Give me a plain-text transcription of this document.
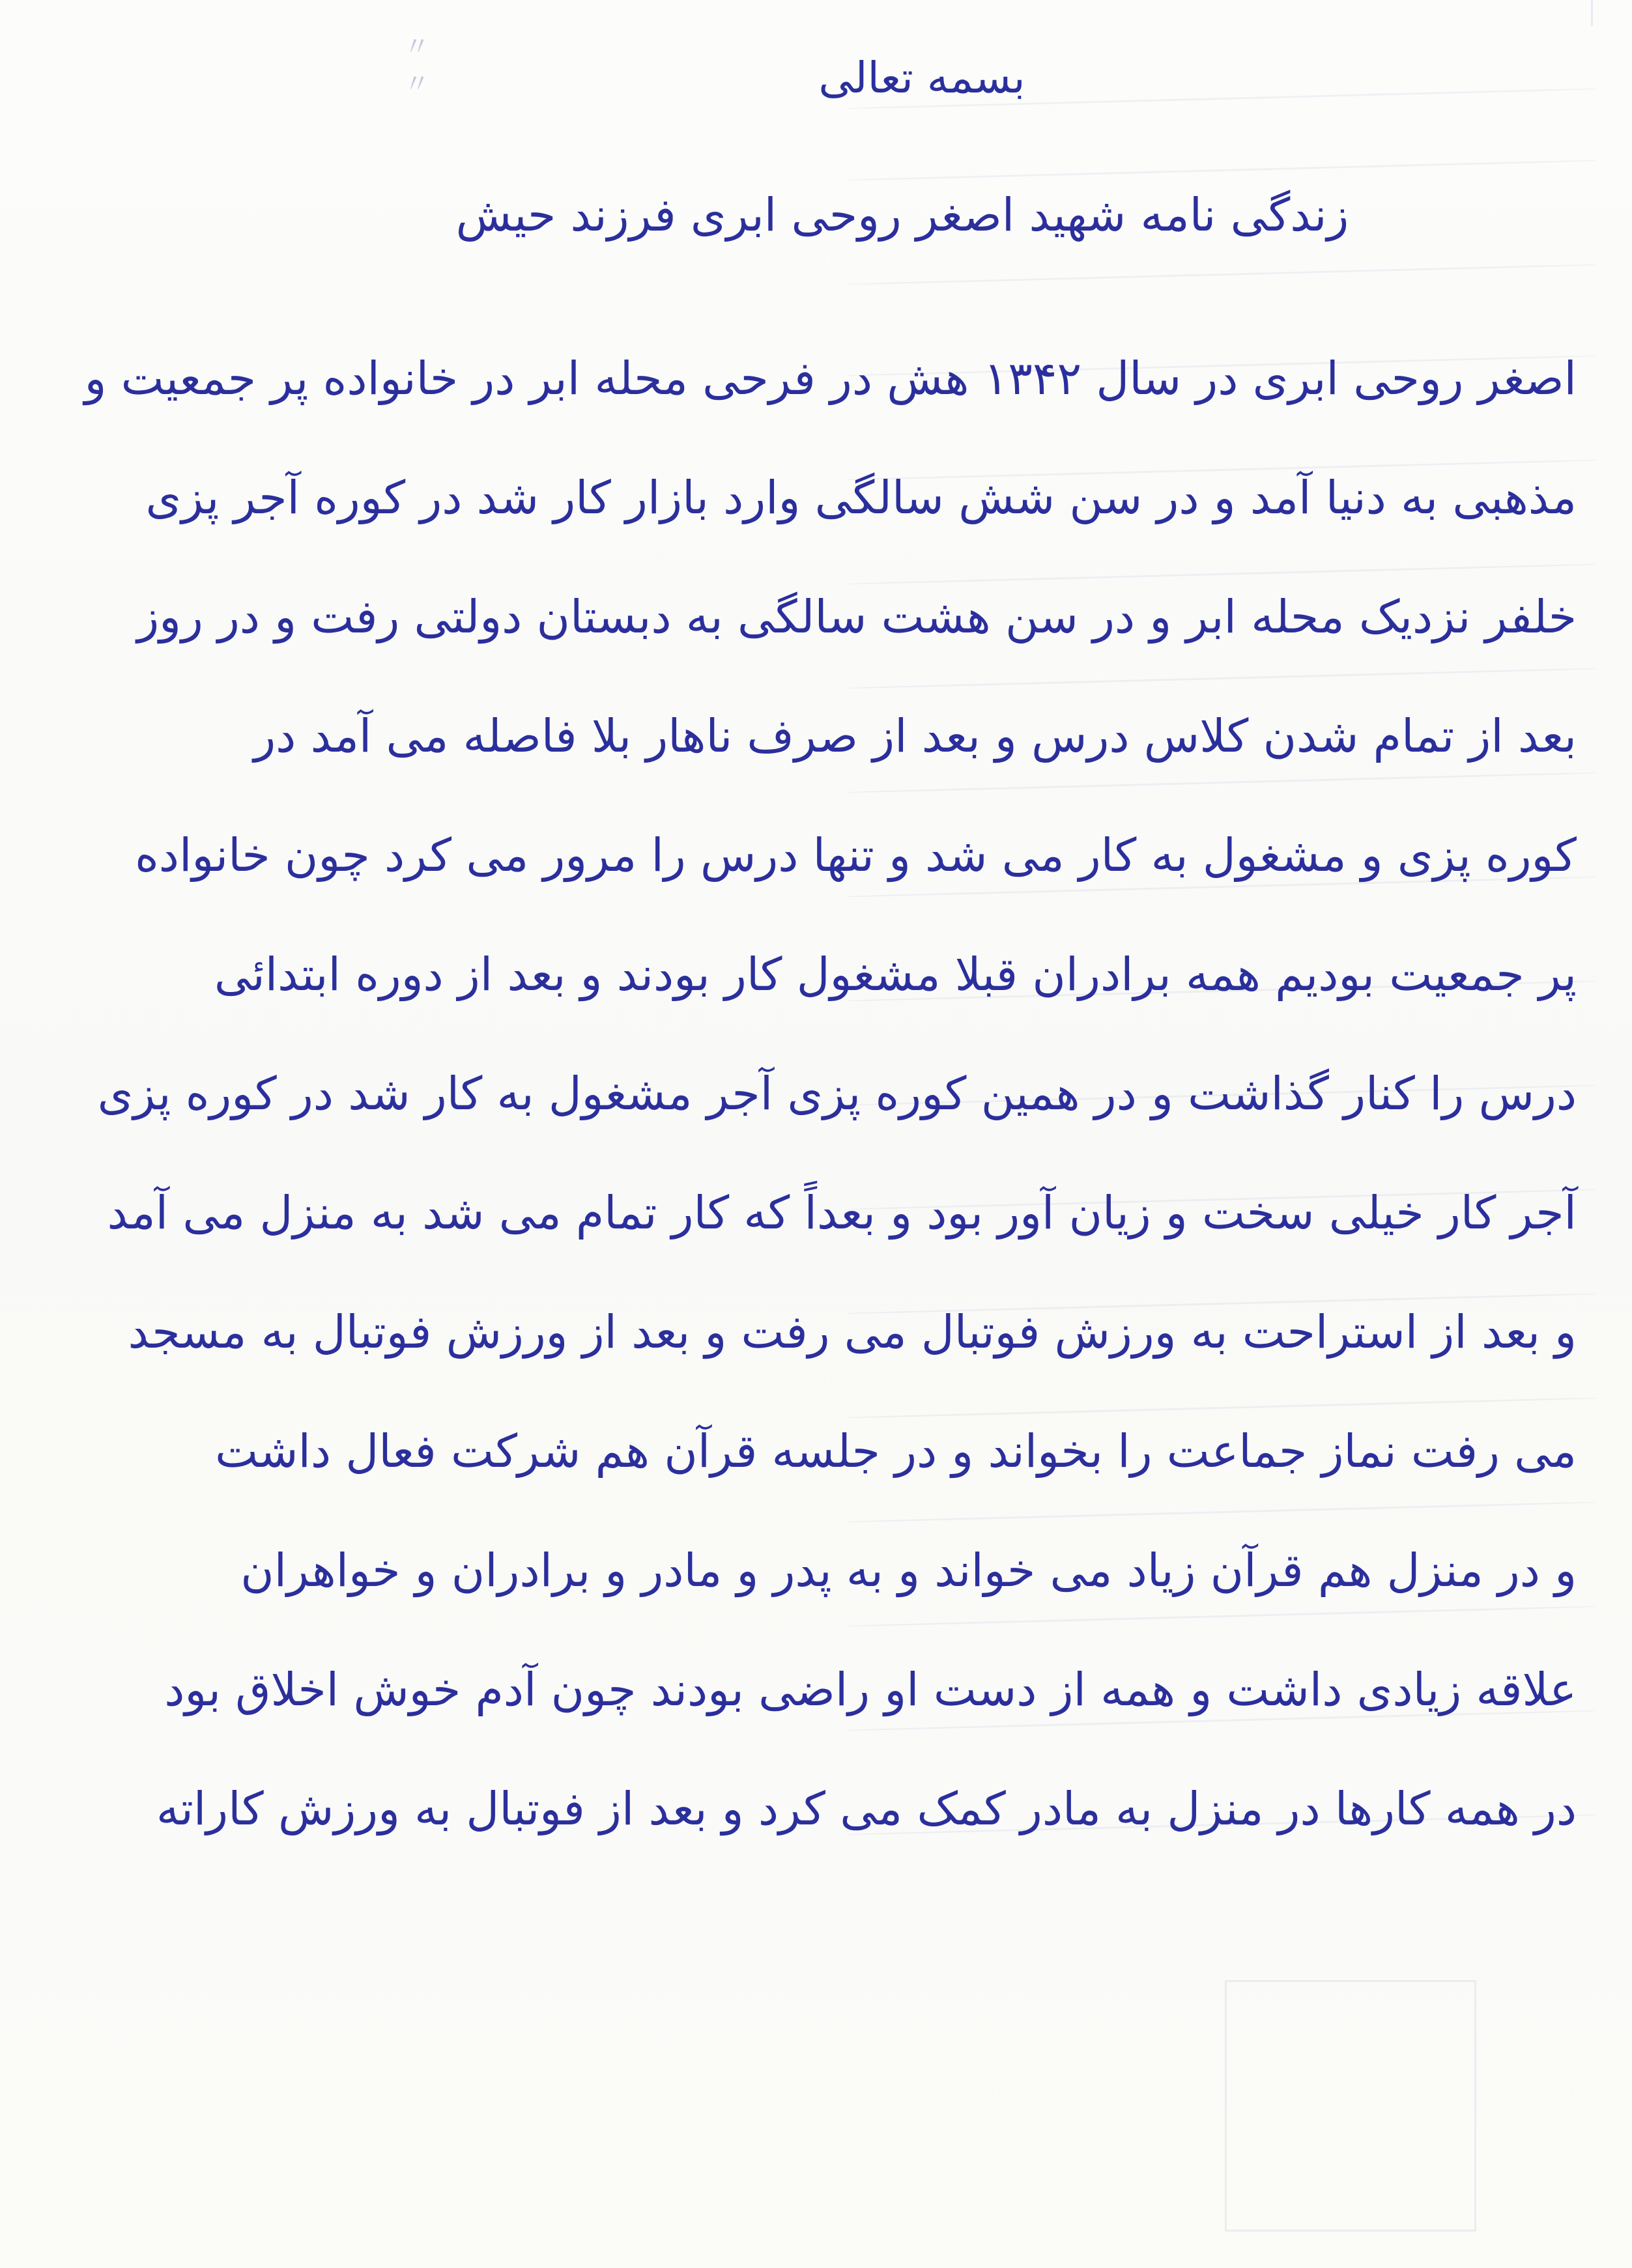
〃〃	بسمه تعالی
زندگی نامه شهید اصغر روحی ابری فرزند حیش
اصغر روحی ابری در سال ۱۳۴۲ هش در فرحی محله ابر در خانواده پر جمعیت و
مذهبی به دنیا آمد و در سن شش سالگی وارد بازار کار شد در کوره آجر پزی
خلفر نزدیک محله ابر و در سن هشت سالگی به دبستان دولتی رفت و در روز
بعد از تمام شدن کلاس درس و بعد از صرف ناهار بلا فاصله می آمد در
کوره پزی و مشغول به کار می شد و تنها درس را مرور می کرد چون خانواده
پر جمعیت بودیم همه برادران قبلا مشغول کار بودند و بعد از دوره ابتدائی
درس را کنار گذاشت و در همین کوره پزی آجر مشغول به کار شد در کوره پزی
آجر کار خیلی سخت و زیان آور بود و بعداً که کار تمام می شد به منزل می آمد
و بعد از استراحت به ورزش فوتبال می رفت و بعد از ورزش فوتبال به مسجد
می رفت نماز جماعت را بخواند و در جلسه قرآن هم شرکت فعال داشت
و در منزل هم قرآن زیاد می خواند و به پدر و مادر و برادران و خواهران
علاقه زیادی داشت و همه از دست او راضی بودند چون آدم خوش اخلاق بود
در همه کارها در منزل به مادر کمک می کرد و بعد از فوتبال به ورزش کاراته
